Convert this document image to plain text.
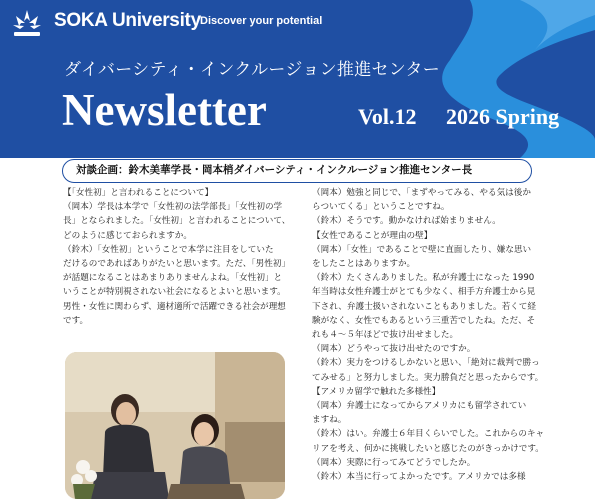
SOKA University Discover your potential
ダイバーシティ・インクルージョン推進センター
Newsletter	Vol.12 2026 Spring
対談企画：鈴木美華学長・岡本梢ダイバーシティ・インクルージョン推進センター長

【「女性初」と言われることについて】

（岡本）学長は本学で「女性初の法学部長」「女性初の学

長」となられました。「女性初」と言われることについて、

どのように感じておられますか。

（鈴木）「女性初」ということで本学に注目をしていた

だけるのであればありがたいと思います。ただ、「男性初」

が話題になることはあまりありませんよね。「女性初」と

いうことが特別視されない社会になるとよいと思います。

男性・女性に関わらず、適材適所で活躍できる社会が理想

です。

（岡本）勉強と同じで、「まずやってみる、やる気は後か

らついてくる」ということですね。

（鈴木）そうです。動かなければ始まりません。

【女性であることが理由の壁】

（岡本）「女性」であることで壁に直面したり、嫌な思い

をしたことはありますか。

（鈴木）たくさんありました。私が弁護士になった 1990

年当時は女性弁護士がとても少なく、相手方弁護士から見

下され、弁護士扱いされないこともありました。若くて経

験がなく、女性でもあるという三重苦でしたね。ただ、そ

れも４～５年ほどで抜け出せました。

（岡本）どうやって抜け出せたのですか。

（鈴木）実力をつけるしかないと思い、「絶対に裁判で勝っ

てみせる」と努力しました。実力勝負だと思ったからです。

【アメリカ留学で触れた多様性】

（岡本）弁護士になってからアメリカにも留学されてい

ますね。

（鈴木）はい。弁護士６年目くらいでした。これからのキャ

リアを考え、何かに挑戦したいと感じたのがきっかけです。

（岡本）実際に行ってみてどうでしたか。

（鈴木）本当に行ってよかったです。アメリカでは多様
